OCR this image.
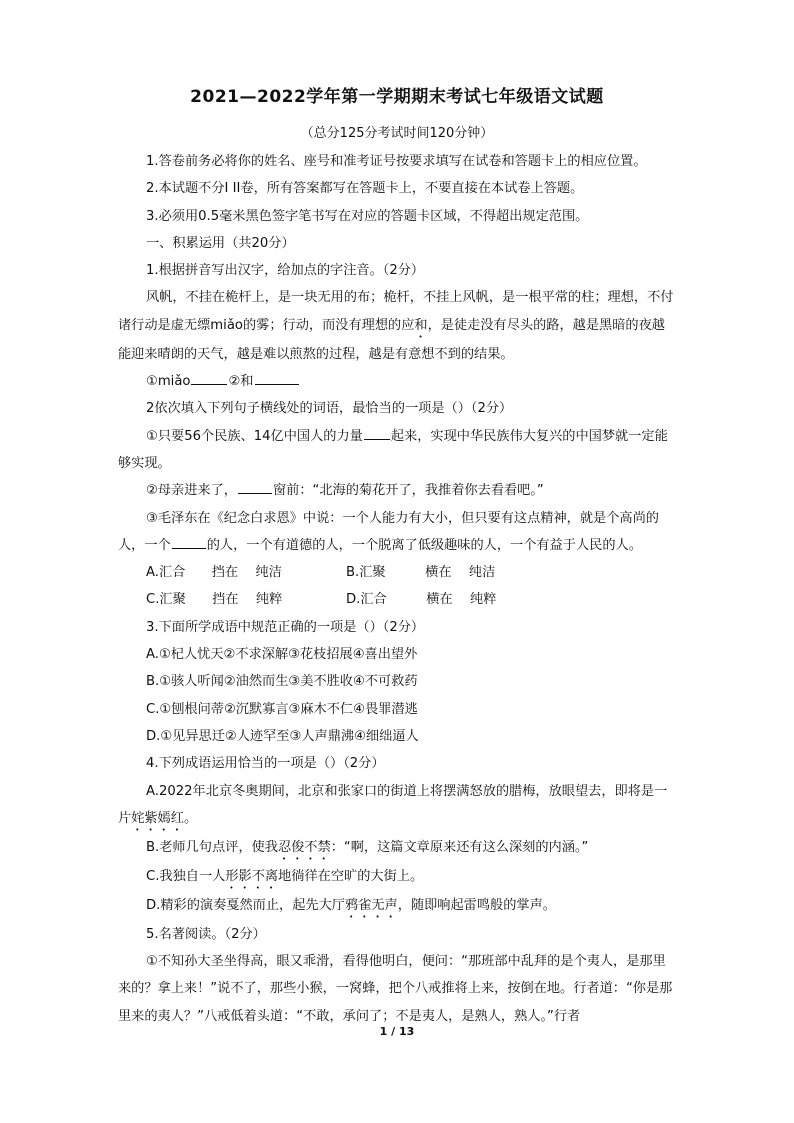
2021—2022学年第一学期期末考试七年级语文试题
（总分125分考试时间120分钟）

1.答卷前务必将你的姓名、座号和准考证号按要求填写在试卷和答题卡上的相应位置。

2.本试题不分I II卷，所有答案都写在答题卡上，不要直接在本试卷上答题。

3.必须用0.5毫米黑色签字笔书写在对应的答题卡区域，不得超出规定范围。

一、积累运用（共20分）

1.根据拼音写出汉字，给加点的字注音。（2分）

风帆，不挂在桅杆上，是一块无用的布；桅杆，不挂上风帆，是一根平常的柱；理想，不付诸行动是虚无缥miǎo的雾；行动，而没有理想的应和，是徒走没有尽头的路，越是黑暗的夜越能迎来晴朗的天气，越是难以煎熬的过程，越是有意想不到的结果。

①miǎo	②和

2依次填入下列句子横线处的词语，最恰当的一项是（）（2分）

①只要56个民族、14亿中国人的力量 起来，实现中华民族伟大复兴的中国梦就一定能够实现。

②母亲进来了，	窗前：“北海的菊花开了，我推着你去看看吧。”

③毛泽东在《纪念白求恩》中说：一个人能力有大小，但只要有这点精神，就是个高尚的人，一个	的人，一个有道德的人，一个脱离了低级趣味的人，一个有益于人民的人。

A.汇合　　挡在　 纯洁	B.汇聚　　　横在　 纯洁
C.汇聚　　挡在　 纯粹	D.汇合　　　横在　 纯粹

3.下面所学成语中规范正确的一项是（）（2分）

A.①杞人忧天②不求深解③花枝招展④喜出望外

B.①骇人听闻②油然而生③美不胜收④不可救药

C.①刨根问蒂②沉默寡言③麻木不仁④畏罪潜逃

D.①见异思迁②人迹罕至③人声鼎沸④细绌逼人

4.下列成语运用恰当的一项是（）（2分）

A.2022年北京冬奥期间，北京和张家口的街道上将摆满怒放的腊梅，放眼望去，即将是一片姹紫嫣红。

B.老师几句点评，使我忍俊不禁：“啊，这篇文章原来还有这么深刻的内涵。”

C.我独自一人形影不离地徜徉在空旷的大街上。

D.精彩的演奏戛然而止，起先大厅鸦雀无声，随即响起雷鸣般的掌声。

5.名著阅读。（2分）

①不知孙大圣坐得高，眼又乖滑，看得他明白，便问：“那班部中乱拜的是个夷人，是那里来的？拿上来！”说不了，那些小猴，一窝蜂，把个八戒推将上来，按倒在地。行者道：“你是那里来的夷人？”八戒低着头道：“不敢，承问了；不是夷人，是熟人，熟人。”行者

1 / 13
